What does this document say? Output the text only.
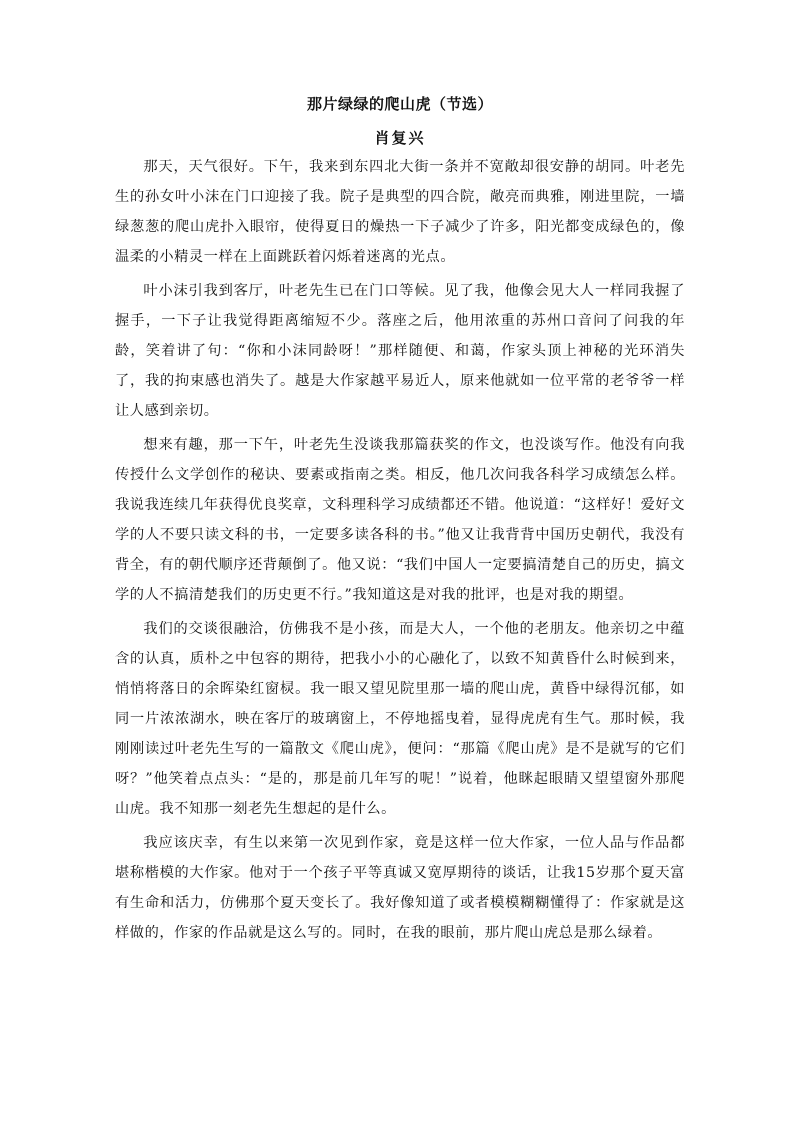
那片绿绿的爬山虎（节选）
肖复兴

那天，天气很好。下午，我来到东四北大街一条并不宽敞却很安静的胡同。叶老先生的孙女叶小沫在门口迎接了我。院子是典型的四合院，敞亮而典雅，刚进里院，一墙绿葱葱的爬山虎扑入眼帘，使得夏日的燥热一下子减少了许多，阳光都变成绿色的，像温柔的小精灵一样在上面跳跃着闪烁着迷离的光点。

叶小沫引我到客厅，叶老先生已在门口等候。见了我，他像会见大人一样同我握了握手，一下子让我觉得距离缩短不少。落座之后，他用浓重的苏州口音问了问我的年龄，笑着讲了句：“你和小沫同龄呀！”那样随便、和蔼，作家头顶上神秘的光环消失了，我的拘束感也消失了。越是大作家越平易近人，原来他就如一位平常的老爷爷一样让人感到亲切。

想来有趣，那一下午，叶老先生没谈我那篇获奖的作文，也没谈写作。他没有向我传授什么文学创作的秘诀、要素或指南之类。相反，他几次问我各科学习成绩怎么样。我说我连续几年获得优良奖章，文科理科学习成绩都还不错。他说道：“这样好！爱好文学的人不要只读文科的书，一定要多读各科的书。”他又让我背背中国历史朝代，我没有背全，有的朝代顺序还背颠倒了。他又说：“我们中国人一定要搞清楚自己的历史，搞文学的人不搞清楚我们的历史更不行。”我知道这是对我的批评，也是对我的期望。

我们的交谈很融洽，仿佛我不是小孩，而是大人，一个他的老朋友。他亲切之中蕴含的认真，质朴之中包容的期待，把我小小的心融化了，以致不知黄昏什么时候到来，悄悄将落日的余晖染红窗棂。我一眼又望见院里那一墙的爬山虎，黄昏中绿得沉郁，如同一片浓浓湖水，映在客厅的玻璃窗上，不停地摇曳着，显得虎虎有生气。那时候，我刚刚读过叶老先生写的一篇散文《爬山虎》，便问：“那篇《爬山虎》是不是就写的它们呀？”他笑着点点头：“是的，那是前几年写的呢！”说着，他眯起眼睛又望望窗外那爬山虎。我不知那一刻老先生想起的是什么。

我应该庆幸，有生以来第一次见到作家，竟是这样一位大作家，一位人品与作品都堪称楷模的大作家。他对于一个孩子平等真诚又宽厚期待的谈话，让我15岁那个夏天富有生命和活力，仿佛那个夏天变长了。我好像知道了或者模模糊糊懂得了：作家就是这样做的，作家的作品就是这么写的。同时，在我的眼前，那片爬山虎总是那么绿着。
